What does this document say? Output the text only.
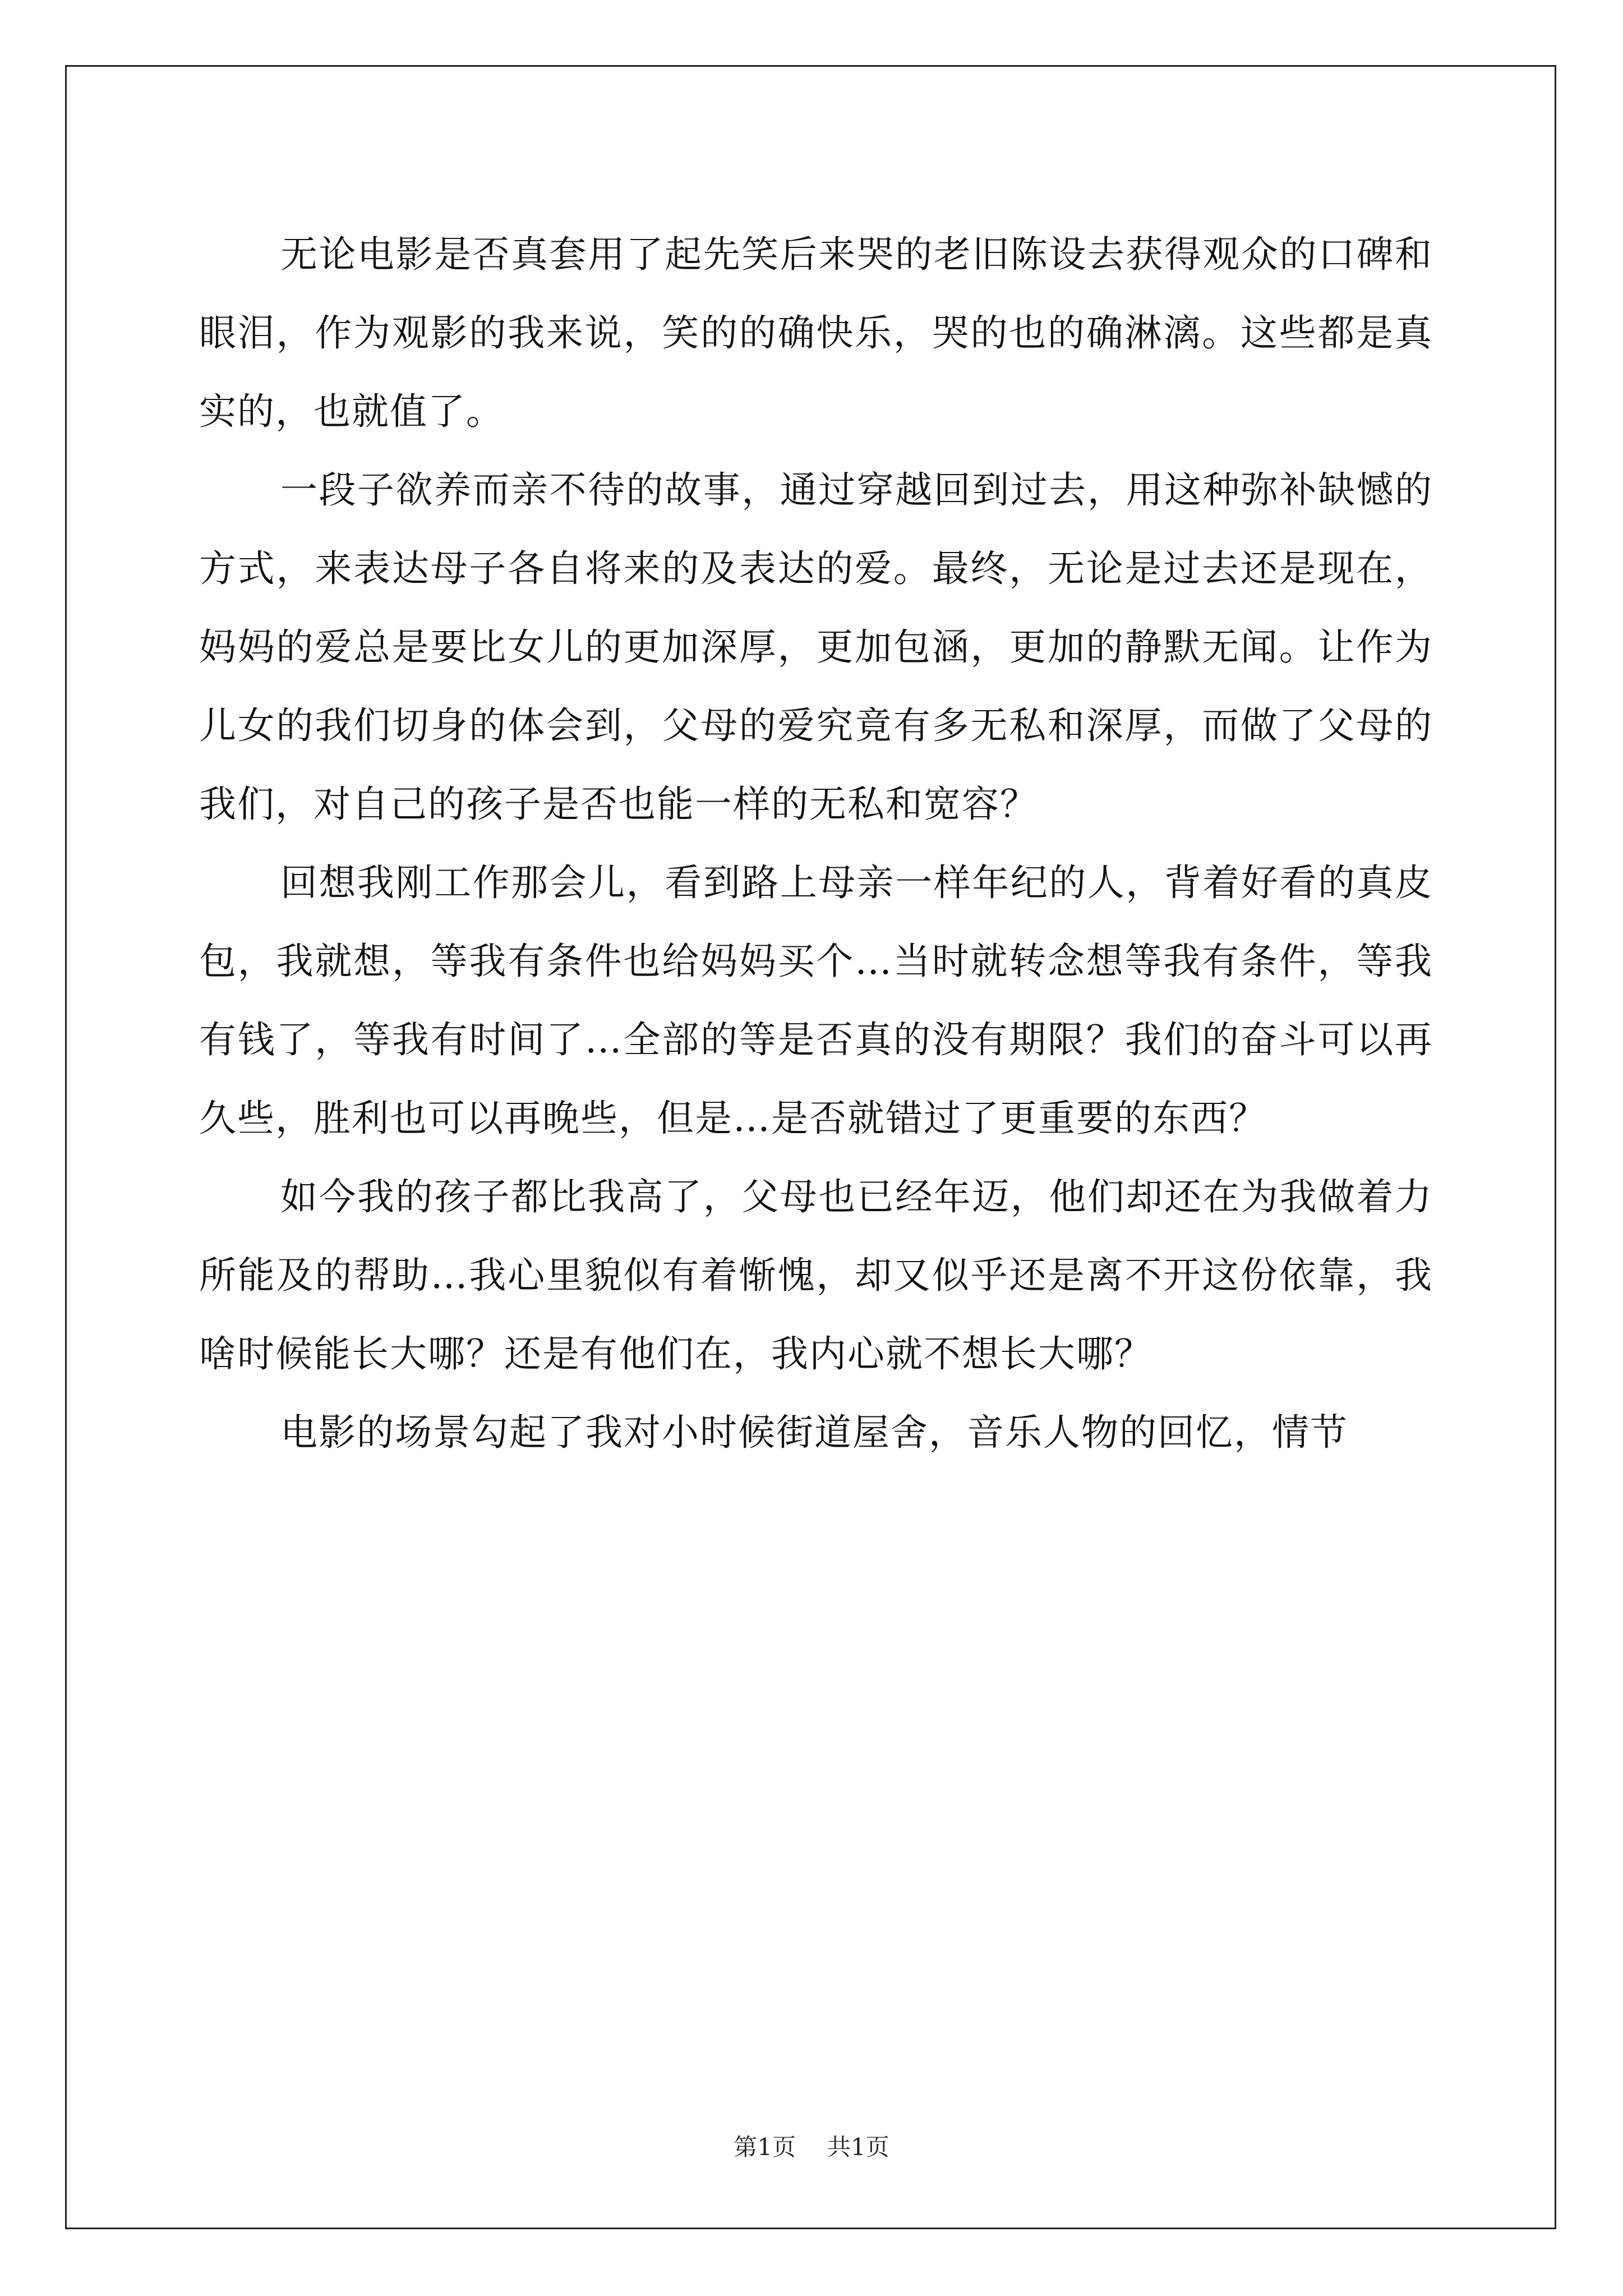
无论电影是否真套用了起先笑后来哭的老旧陈设去获得观众的口碑和眼泪，作为观影的我来说，笑的的确快乐，哭的也的确淋漓。这些都是真实的，也就值了。

一段子欲养而亲不待的故事，通过穿越回到过去，用这种弥补缺憾的方式，来表达母子各自将来的及表达的爱。最终，无论是过去还是现在，妈妈的爱总是要比女儿的更加深厚，更加包涵，更加的静默无闻。让作为儿女的我们切身的体会到，父母的爱究竟有多无私和深厚，而做了父母的我们，对自己的孩子是否也能一样的无私和宽容？

回想我刚工作那会儿，看到路上母亲一样年纪的人，背着好看的真皮包，我就想，等我有条件也给妈妈买个…当时就转念想等我有条件，等我有钱了，等我有时间了…全部的等是否真的没有期限？我们的奋斗可以再久些，胜利也可以再晚些，但是…是否就错过了更重要的东西？

如今我的孩子都比我高了，父母也已经年迈，他们却还在为我做着力所能及的帮助…我心里貌似有着惭愧，却又似乎还是离不开这份依靠，我啥时候能长大哪？还是有他们在，我内心就不想长大哪？

电影的场景勾起了我对小时候街道屋舍，音乐人物的回忆，情节

第1页 共1页
